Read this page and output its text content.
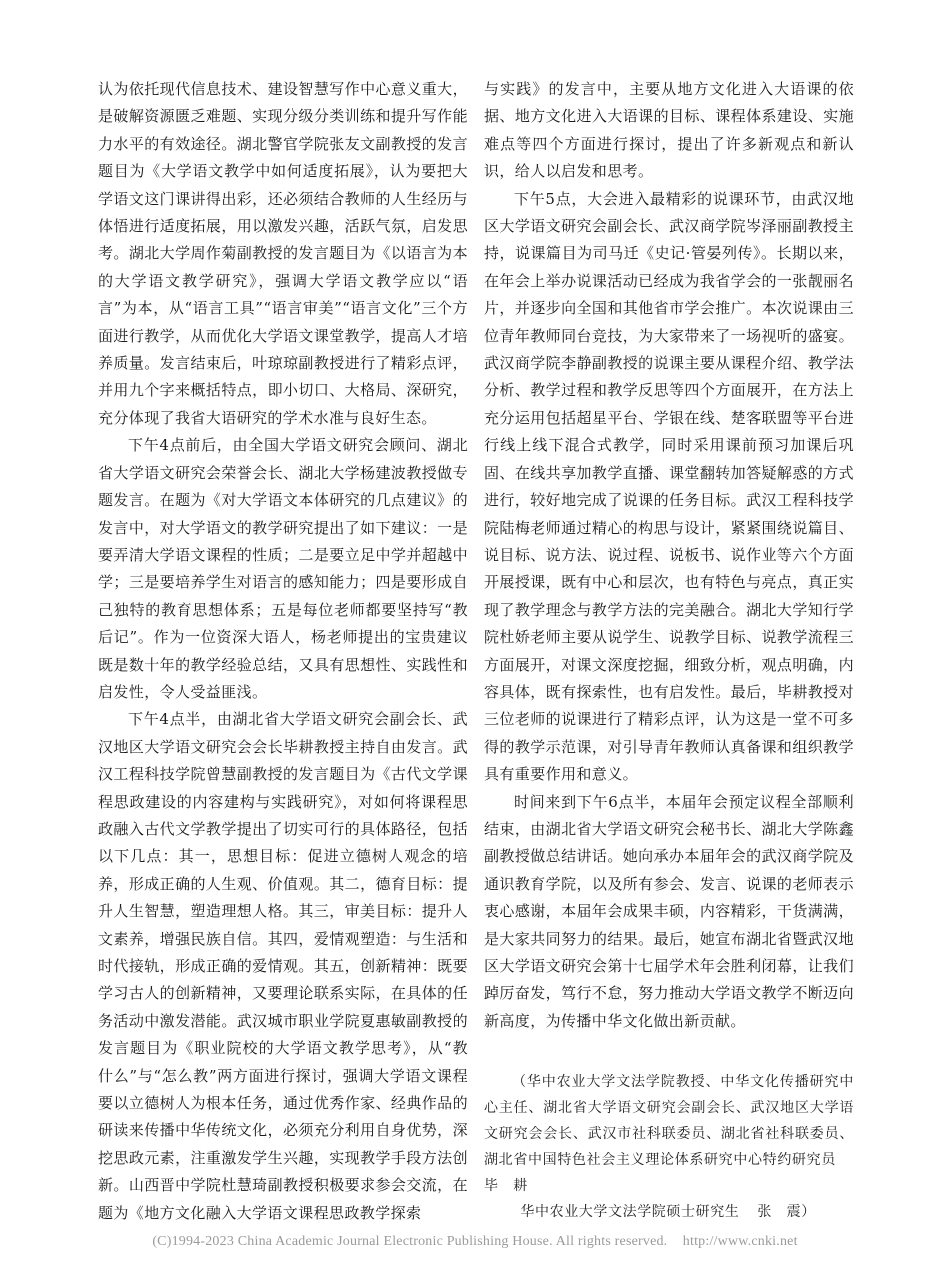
认为依托现代信息技术、建设智慧写作中心意义重大，是破解资源匮乏难题、实现分级分类训练和提升写作能力水平的有效途径。湖北警官学院张友文副教授的发言题目为《大学语文教学中如何适度拓展》，认为要把大学语文这门课讲得出彩，还必须结合教师的人生经历与体悟进行适度拓展，用以激发兴趣，活跃气氛，启发思考。湖北大学周作菊副教授的发言题目为《以语言为本的大学语文教学研究》，强调大学语文教学应以“语言”为本，从“语言工具”“语言审美”“语言文化”三个方面进行教学，从而优化大学语文课堂教学，提高人才培养质量。发言结束后，叶琼琼副教授进行了精彩点评，并用九个字来概括特点，即小切口、大格局、深研究，充分体现了我省大语研究的学术水准与良好生态。

下午4点前后，由全国大学语文研究会顾问、湖北省大学语文研究会荣誉会长、湖北大学杨建波教授做专题发言。在题为《对大学语文本体研究的几点建议》的发言中，对大学语文的教学研究提出了如下建议：一是要弄清大学语文课程的性质；二是要立足中学并超越中学；三是要培养学生对语言的感知能力；四是要形成自己独特的教育思想体系；五是每位老师都要坚持写“教后记”。作为一位资深大语人，杨老师提出的宝贵建议既是数十年的教学经验总结，又具有思想性、实践性和启发性，令人受益匪浅。

下午4点半，由湖北省大学语文研究会副会长、武汉地区大学语文研究会会长毕耕教授主持自由发言。武汉工程科技学院曾慧副教授的发言题目为《古代文学课程思政建设的内容建构与实践研究》，对如何将课程思政融入古代文学教学提出了切实可行的具体路径，包括以下几点：其一，思想目标：促进立德树人观念的培养，形成正确的人生观、价值观。其二，德育目标：提升人生智慧，塑造理想人格。其三，审美目标：提升人文素养，增强民族自信。其四，爱情观塑造：与生活和时代接轨，形成正确的爱情观。其五，创新精神：既要学习古人的创新精神，又要理论联系实际，在具体的任务活动中激发潜能。武汉城市职业学院夏惠敏副教授的发言题目为《职业院校的大学语文教学思考》，从“教什么”与“怎么教”两方面进行探讨，强调大学语文课程要以立德树人为根本任务，通过优秀作家、经典作品的研读来传播中华传统文化，必须充分利用自身优势，深挖思政元素，注重激发学生兴趣，实现教学手段方法创新。山西晋中学院杜慧琦副教授积极要求参会交流，在题为《地方文化融入大学语文课程思政教学探索

与实践》的发言中，主要从地方文化进入大语课的依据、地方文化进入大语课的目标、课程体系建设、实施难点等四个方面进行探讨，提出了许多新观点和新认识，给人以启发和思考。

下午5点，大会进入最精彩的说课环节，由武汉地区大学语文研究会副会长、武汉商学院岑泽丽副教授主持，说课篇目为司马迁《史记·管晏列传》。长期以来，在年会上举办说课活动已经成为我省学会的一张靓丽名片，并逐步向全国和其他省市学会推广。本次说课由三位青年教师同台竞技，为大家带来了一场视听的盛宴。武汉商学院李静副教授的说课主要从课程介绍、教学法分析、教学过程和教学反思等四个方面展开，在方法上充分运用包括超星平台、学银在线、楚客联盟等平台进行线上线下混合式教学，同时采用课前预习加课后巩固、在线共享加教学直播、课堂翻转加答疑解惑的方式进行，较好地完成了说课的任务目标。武汉工程科技学院陆梅老师通过精心的构思与设计，紧紧围绕说篇目、说目标、说方法、说过程、说板书、说作业等六个方面开展授课，既有中心和层次，也有特色与亮点，真正实现了教学理念与教学方法的完美融合。湖北大学知行学院杜娇老师主要从说学生、说教学目标、说教学流程三方面展开，对课文深度挖掘，细致分析，观点明确，内容具体，既有探索性，也有启发性。最后，毕耕教授对三位老师的说课进行了精彩点评，认为这是一堂不可多得的教学示范课，对引导青年教师认真备课和组织教学具有重要作用和意义。

时间来到下午6点半，本届年会预定议程全部顺利结束，由湖北省大学语文研究会秘书长、湖北大学陈鑫副教授做总结讲话。她向承办本届年会的武汉商学院及通识教育学院，以及所有参会、发言、说课的老师表示衷心感谢，本届年会成果丰硕，内容精彩，干货满满，是大家共同努力的结果。最后，她宣布湖北省暨武汉地区大学语文研究会第十七届学术年会胜利闭幕，让我们踔厉奋发，笃行不怠，努力推动大学语文教学不断迈向新高度，为传播中华文化做出新贡献。

（华中农业大学文法学院教授、中华文化传播研究中心主任、湖北省大学语文研究会副会长、武汉地区大学语文研究会会长、武汉市社科联委员、湖北省社科联委员、湖北省中国特色社会主义理论体系研究中心特约研究员毕　耕
华中农业大学文法学院硕士研究生 张　震）
(C)1994-2023 China Academic Journal Electronic Publishing House. All rights reserved. http://www.cnki.net
